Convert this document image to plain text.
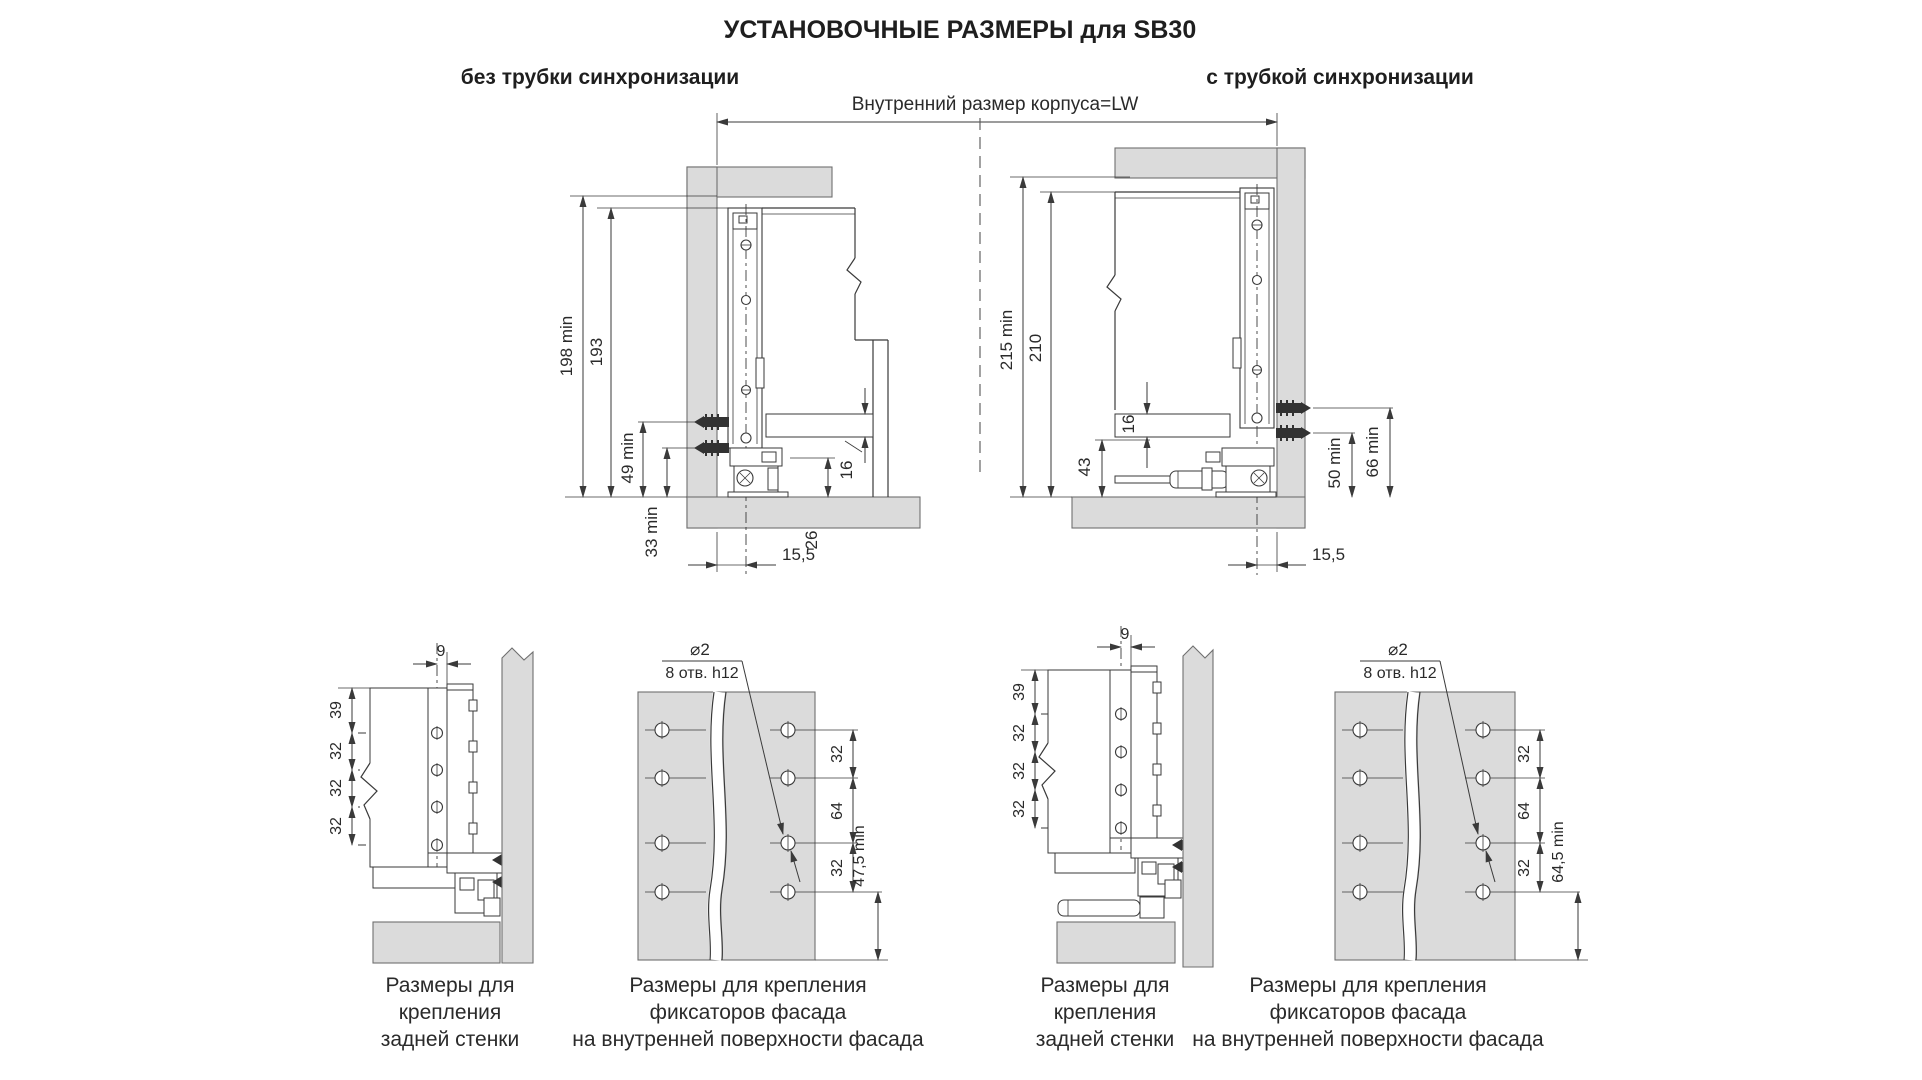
УСТАНОВОЧНЫЕ РАЗМЕРЫ для SB30
без трубки синхронизации	с трубкой синхронизации
Внутренний размер корпуса=LW
198 min 193
49 min
33 min
16
26
15,5
215 min 210
16
43	50 min 66 min
15,5
9
39
32
32
32
Размеры для
крепления
задней стенки
⌀2
8 отв. h12
32
64
32 47,5 min
Размеры для крепления
фиксаторов фасада
на внутренней поверхности фасада
9
39
32
32
32
Размеры для
крепления
задней стенки
⌀2
8 отв. h12
32
64
32 64,5 min
Размеры для крепления
фиксаторов фасада
на внутренней поверхности фасада
